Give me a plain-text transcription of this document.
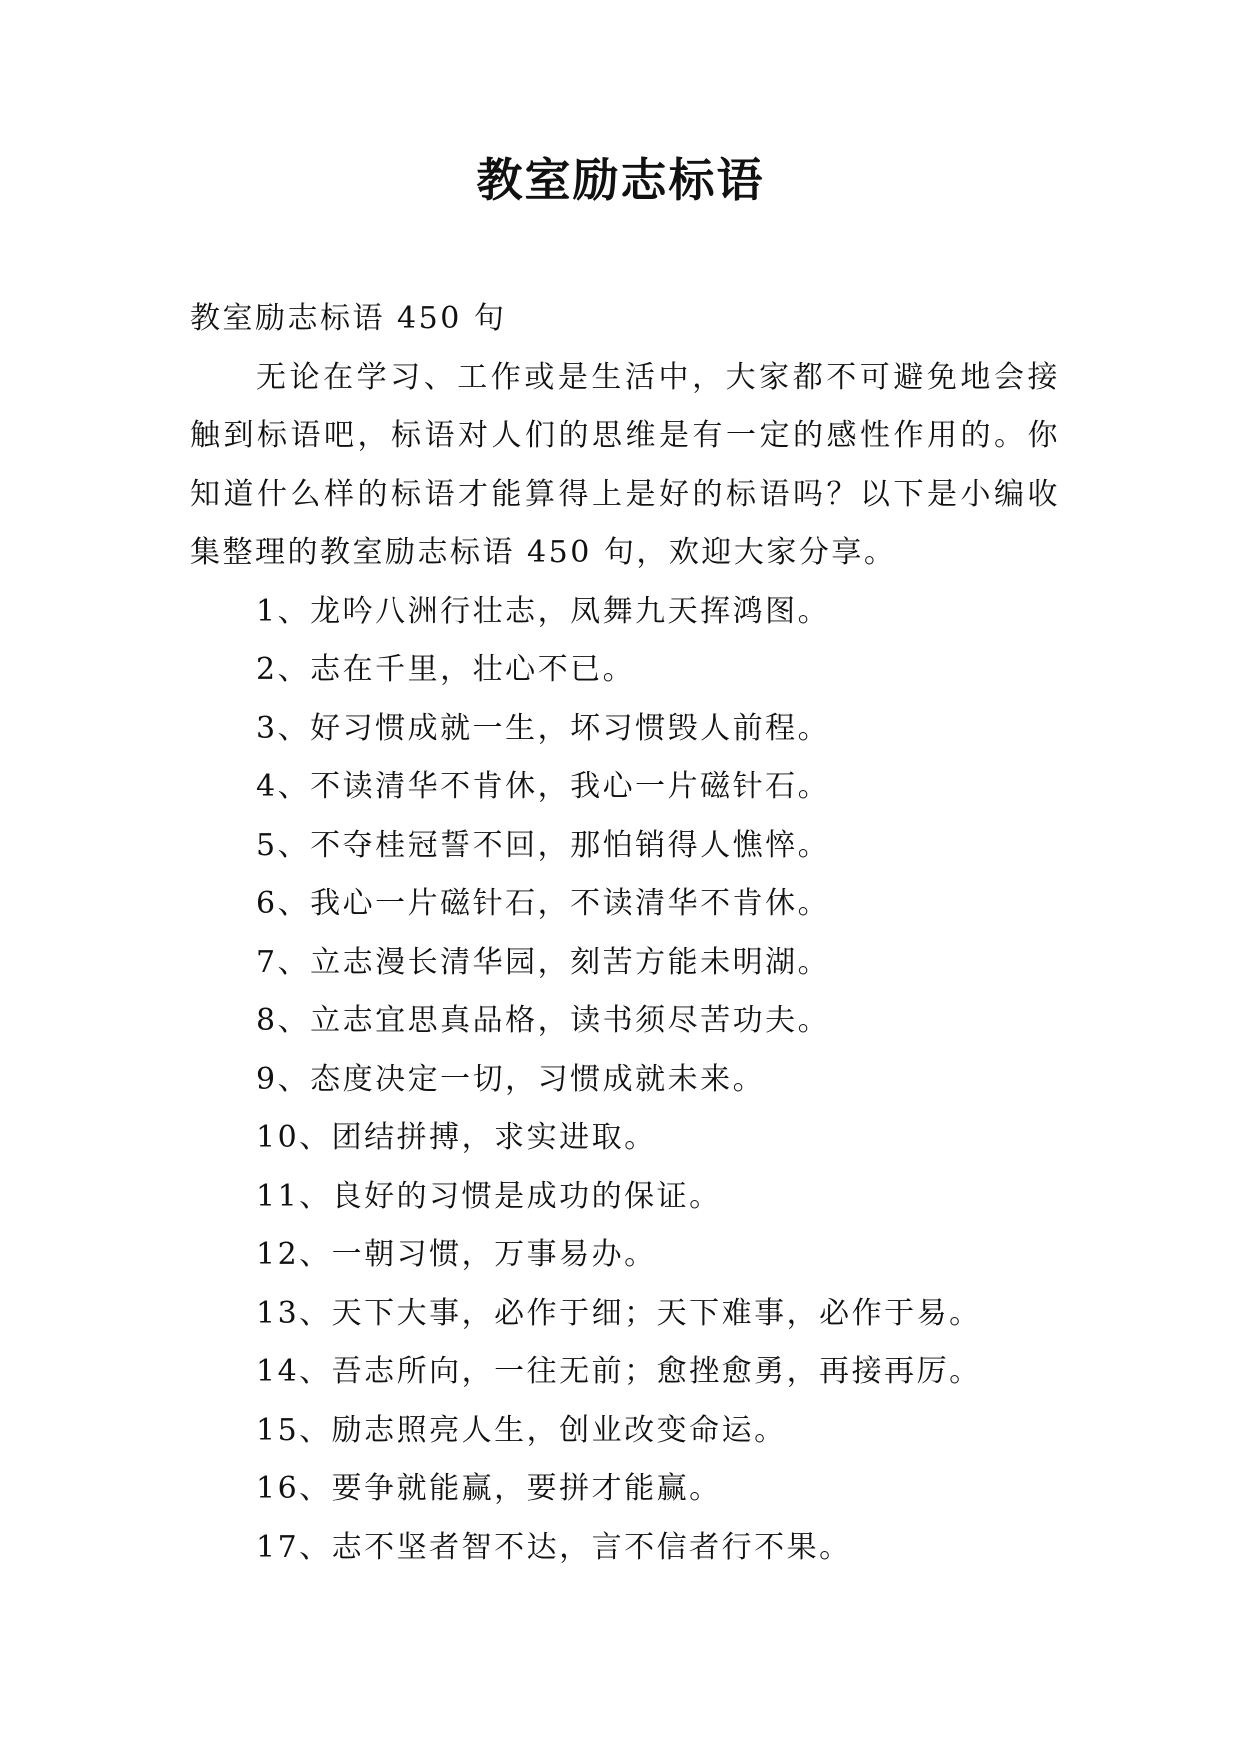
教室励志标语

教室励志标语 450 句

无论在学习、工作或是生活中，大家都不可避免地会接触到标语吧，标语对人们的思维是有一定的感性作用的。你知道什么样的标语才能算得上是好的标语吗？以下是小编收集整理的教室励志标语 450 句，欢迎大家分享。

1、龙吟八洲行壮志，凤舞九天挥鸿图。
2、志在千里，壮心不已。
3、好习惯成就一生，坏习惯毁人前程。
4、不读清华不肯休，我心一片磁针石。
5、不夺桂冠誓不回，那怕销得人憔悴。
6、我心一片磁针石，不读清华不肯休。
7、立志漫长清华园，刻苦方能未明湖。
8、立志宜思真品格，读书须尽苦功夫。
9、态度决定一切，习惯成就未来。
10、团结拼搏，求实进取。
11、良好的习惯是成功的保证。
12、一朝习惯，万事易办。
13、天下大事，必作于细；天下难事，必作于易。
14、吾志所向，一往无前；愈挫愈勇，再接再厉。
15、励志照亮人生，创业改变命运。
16、要争就能赢，要拼才能赢。
17、志不坚者智不达，言不信者行不果。
